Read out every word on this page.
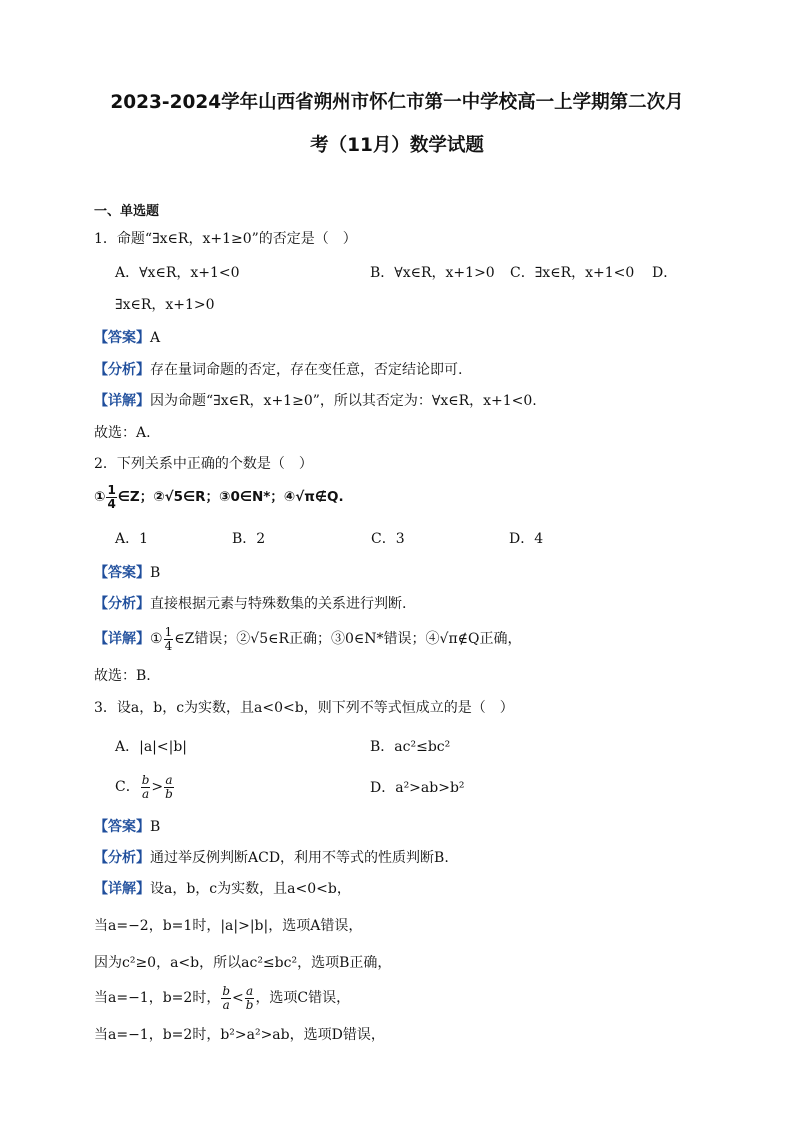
2023-2024学年山西省朔州市怀仁市第一中学校高一上学期第二次月
考（11月）数学试题
一、单选题
1．命题“∃x∈R，x+1≥0”的否定是（　）
A．∀x∈R，x+1<0	B．∀x∈R，x+1>0 C．∃x∈R，x+1<0 D．
∃x∈R，x+1>0
【答案】A
【分析】存在量词命题的否定，存在变任意，否定结论即可.
【详解】因为命题“∃x∈R，x+1≥0”，所以其否定为：∀x∈R，x+1<0.
故选：A.
2．下列关系中正确的个数是（　）
① $\frac{1}{4}$ ∈Z；②√5∈R；③0∈N*；④√π∉Q.
A．1	B．2	C．3	D．4
【答案】B
【分析】直接根据元素与特殊数集的关系进行判断.
【详解】① $\frac{1}{4}$ ∈Z错误；②√5∈R正确；③0∈N*错误；④√π∉Q正确，
故选：B.
3．设a，b，c为实数，且a<0<b，则下列不等式恒成立的是（　）
A．|a|<|b|	B．ac²≤bc²
C． $\frac{b}{a} > \frac{a}{b}$	D．a²>ab>b²
【答案】B
【分析】通过举反例判断ACD，利用不等式的性质判断B.
【详解】设a，b，c为实数，且a<0<b，
当a=−2，b=1时，|a|>|b|，选项A错误，
因为c²≥0，a<b，所以ac²≤bc²，选项B正确，
当a=−1，b=2时， $\frac{b}{a} < \frac{a}{b}$ ，选项C错误，
当a=−1，b=2时，b²>a²>ab，选项D错误，
